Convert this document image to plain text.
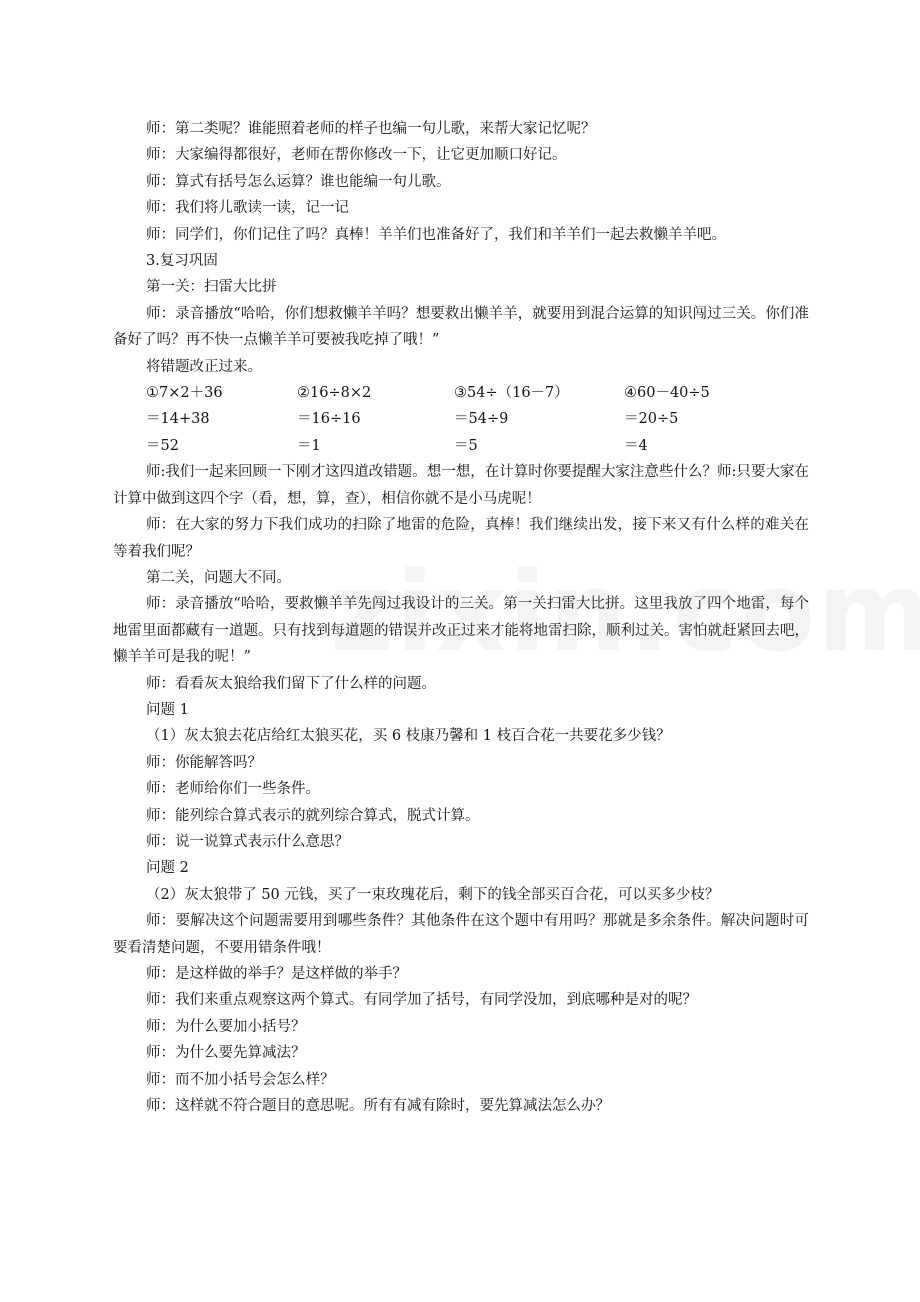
师：第二类呢？谁能照着老师的样子也编一句儿歌，来帮大家记忆呢？

师：大家编得都很好，老师在帮你修改一下，让它更加顺口好记。

师：算式有括号怎么运算？谁也能编一句儿歌。

师：我们将儿歌读一读，记一记

师：同学们，你们记住了吗？真棒！羊羊们也准备好了，我们和羊羊们一起去救懒羊羊吧。

3.复习巩固

第一关：扫雷大比拼

师：录音播放“哈哈，你们想救懒羊羊吗？想要救出懒羊羊，就要用到混合运算的知识闯过三关。你们准备好了吗？再不快一点懒羊羊可要被我吃掉了哦！”

将错题改正过来。

①7×2＋36	②16÷8×2	③54÷（16－7）	④60－40÷5
＝14+38	＝16÷16	＝54÷9	＝20÷5
＝52	＝1	＝5	＝4

师:我们一起来回顾一下刚才这四道改错题。想一想，在计算时你要提醒大家注意些什么？师:只要大家在计算中做到这四个字（看，想，算，查），相信你就不是小马虎呢！

师：在大家的努力下我们成功的扫除了地雷的危险，真棒！我们继续出发，接下来又有什么样的难关在等着我们呢？

第二关，问题大不同。

师：录音播放“哈哈，要救懒羊羊先闯过我设计的三关。第一关扫雷大比拼。这里我放了四个地雷，每个地雷里面都藏有一道题。只有找到每道题的错误并改正过来才能将地雷扫除，顺利过关。害怕就赶紧回去吧，懒羊羊可是我的呢！”

师：看看灰太狼给我们留下了什么样的问题。

问题 1

（1）灰太狼去花店给红太狼买花，买 6 枝康乃馨和 1 枝百合花一共要花多少钱？

师：你能解答吗？

师：老师给你们一些条件。

师：能列综合算式表示的就列综合算式，脱式计算。

师：说一说算式表示什么意思？

问题 2

（2）灰太狼带了 50 元钱，买了一束玫瑰花后，剩下的钱全部买百合花，可以买多少枝？

师：要解决这个问题需要用到哪些条件？其他条件在这个题中有用吗？那就是多余条件。解决问题时可要看清楚问题，不要用错条件哦！

师：是这样做的举手？是这样做的举手？

师：我们来重点观察这两个算式。有同学加了括号，有同学没加，到底哪种是对的呢？

师：为什么要加小括号？

师：为什么要先算减法？

师：而不加小括号会怎么样？

师：这样就不符合题目的意思呢。所有有减有除时，要先算减法怎么办？
